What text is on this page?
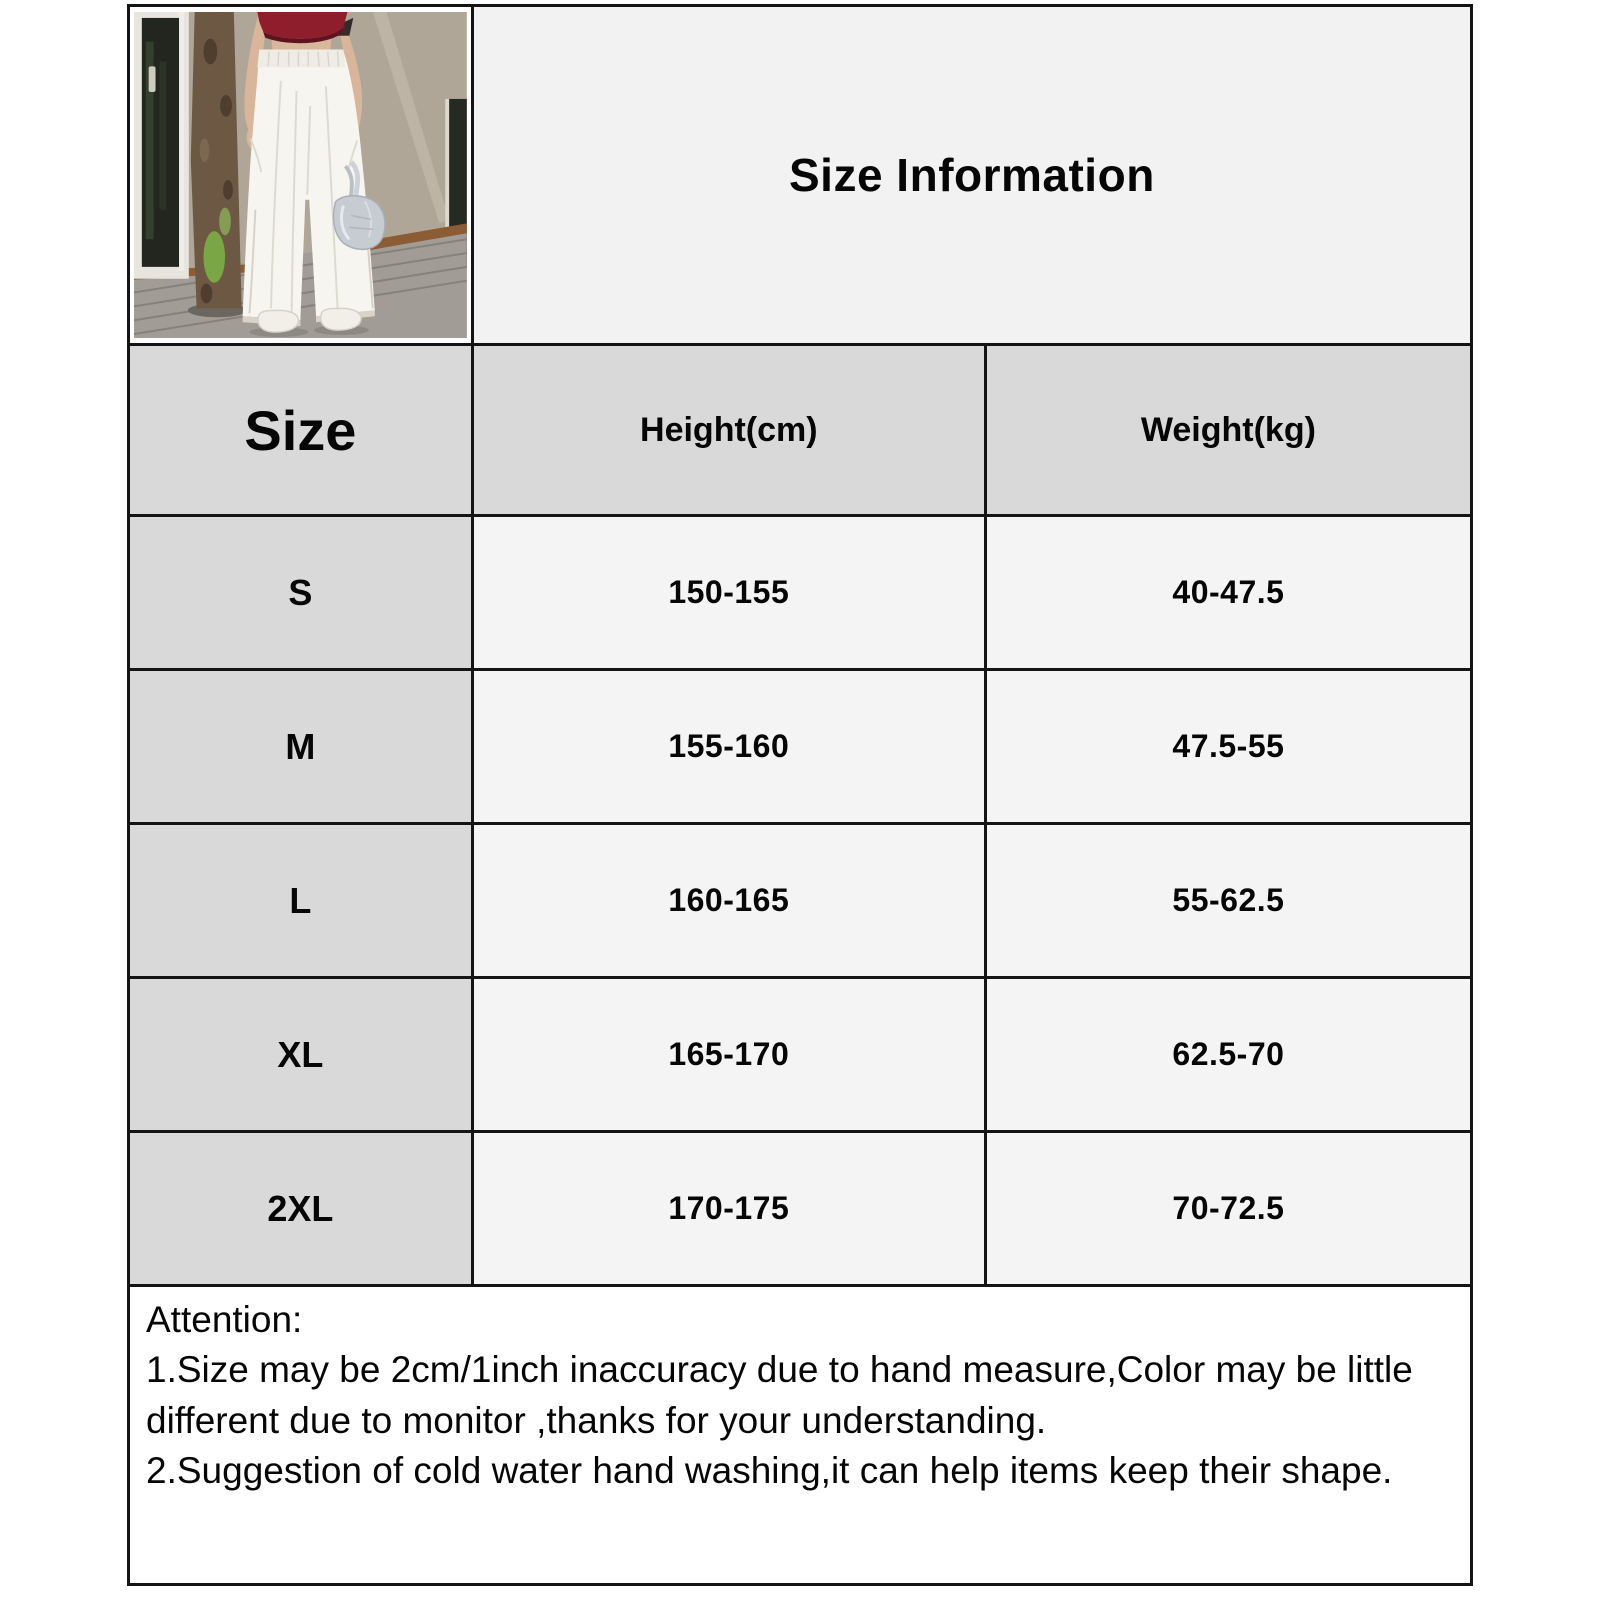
	Size Information	
Size	Height(cm)	Weight(kg)
S	150-155	40-47.5
M	155-160	47.5-55
L	160-165	55-62.5
XL	165-170	62.5-70
2XL	170-175	70-72.5
Attention:
1.Size may be 2cm/1inch inaccuracy due to hand measure,Color may be little different due to monitor ,thanks for your understanding.
2.Suggestion of cold water hand washing,it can help items keep their shape.
